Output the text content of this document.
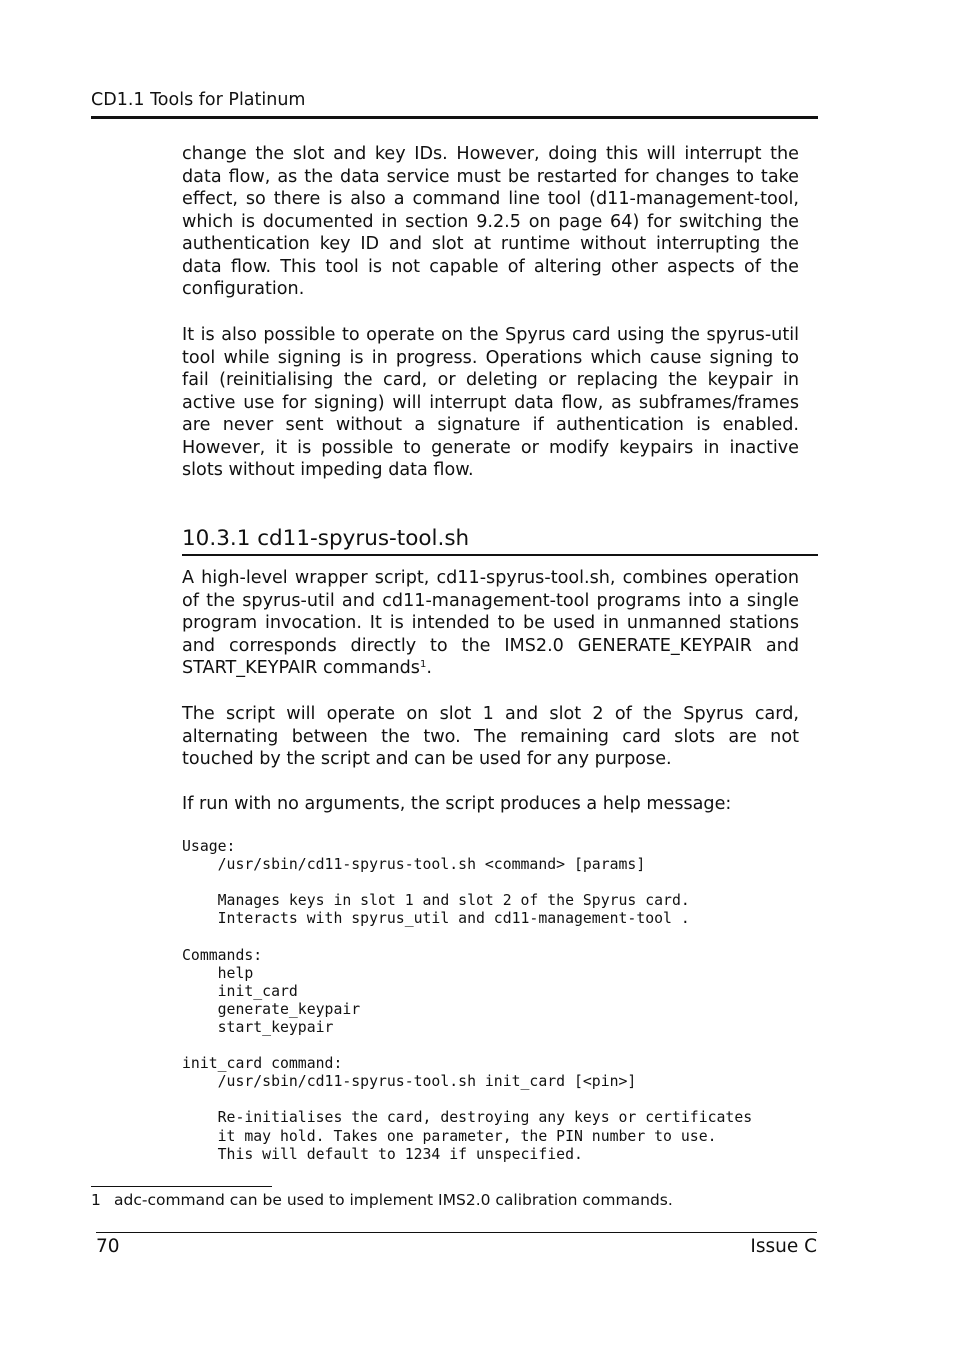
CD1.1 Tools for Platinum

change the slot and key IDs. However, doing this will interrupt the data flow, as the data service must be restarted for changes to take effect, so there is also a command line tool (d11-management-tool, which is documented in section 9.2.5 on page 64) for switching the authentication key ID and slot at runtime without interrupting the data flow. This tool is not capable of altering other aspects of the configuration.

It is also possible to operate on the Spyrus card using the spyrus-util tool while signing is in progress. Operations which cause signing to fail (reinitialising the card, or deleting or replacing the keypair in active use for signing) will interrupt data flow, as subframes/frames are never sent without a signature if authentication is enabled. However, it is possible to generate or modify keypairs in inactive slots without impeding data flow.

10.3.1 cd11-spyrus-tool.sh

A high-level wrapper script, cd11-spyrus-tool.sh, combines operation of the spyrus-util and cd11-management-tool programs into a single program invocation. It is intended to be used in unmanned stations and corresponds directly to the IMS2.0 GENERATE_KEYPAIR and START_KEYPAIR commands$^1$.

The script will operate on slot 1 and slot 2 of the Spyrus card, alternating between the two. The remaining card slots are not touched by the script and can be used for any purpose.

If run with no arguments, the script produces a help message:

Usage:
/usr/sbin/cd11-spyrus-tool.sh <command> [params]

Manages keys in slot 1 and slot 2 of the Spyrus card.
Interacts with spyrus_util and cd11-management-tool .

Commands:
help
init_card
generate_keypair
start_keypair

init_card command:
/usr/sbin/cd11-spyrus-tool.sh init_card [<pin>]

Re-initialises the card, destroying any keys or certificates
it may hold. Takes one parameter, the PIN number to use.
This will default to 1234 if unspecified.
1 adc-command can be used to implement IMS2.0 calibration commands.
70	Issue C
